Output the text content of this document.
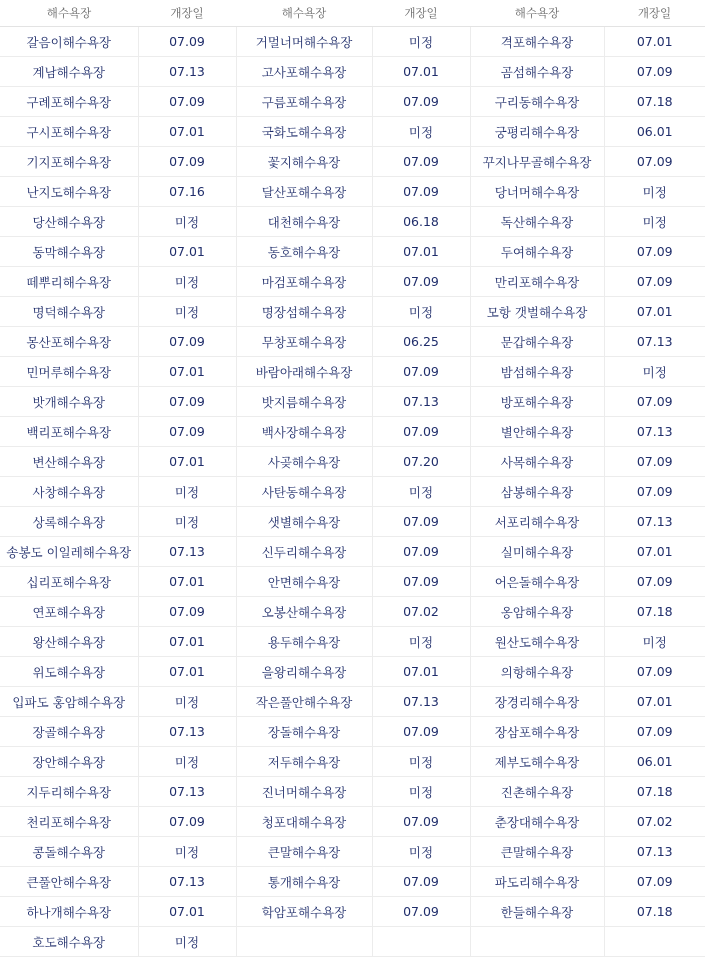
해수욕장	개장일	해수욕장	개장일	해수욕장	개장일
갈음이해수욕장	07.09	거멀너머해수욕장	미정	격포해수욕장	07.01
계남해수욕장	07.13	고사포해수욕장	07.01	곰섬해수욕장	07.09
구례포해수욕장	07.09	구름포해수욕장	07.09	구리동해수욕장	07.18
구시포해수욕장	07.01	국화도해수욕장	미정	궁평리해수욕장	06.01
기지포해수욕장	07.09	꽃지해수욕장	07.09	꾸지나무골해수욕장	07.09
난지도해수욕장	07.16	달산포해수욕장	07.09	당너머해수욕장	미정
당산해수욕장	미정	대천해수욕장	06.18	독산해수욕장	미정
동막해수욕장	07.01	동호해수욕장	07.01	두여해수욕장	07.09
떼뿌리해수욕장	미정	마검포해수욕장	07.09	만리포해수욕장	07.09
명덕해수욕장	미정	명장섬해수욕장	미정	모항 갯벌해수욕장	07.01
몽산포해수욕장	07.09	무창포해수욕장	06.25	문갑해수욕장	07.13
민머루해수욕장	07.01	바람아래해수욕장	07.09	밤섬해수욕장	미정
밧개해수욕장	07.09	밧지름해수욕장	07.13	방포해수욕장	07.09
백리포해수욕장	07.09	백사장해수욕장	07.09	별안해수욕장	07.13
변산해수욕장	07.01	사곶해수욕장	07.20	사목해수욕장	07.09
사창해수욕장	미정	사탄동해수욕장	미정	삼봉해수욕장	07.09
상록해수욕장	미정	샛별해수욕장	07.09	서포리해수욕장	07.13
송봉도 이일레해수욕장	07.13	신두리해수욕장	07.09	실미해수욕장	07.01
십리포해수욕장	07.01	안면해수욕장	07.09	어은돌해수욕장	07.09
연포해수욕장	07.09	오봉산해수욕장	07.02	옹암해수욕장	07.18
왕산해수욕장	07.01	용두해수욕장	미정	원산도해수욕장	미정
위도해수욕장	07.01	을왕리해수욕장	07.01	의항해수욕장	07.09
입파도 홍암해수욕장	미정	작은풀안해수욕장	07.13	장경리해수욕장	07.01
장골해수욕장	07.13	장돌해수욕장	07.09	장삼포해수욕장	07.09
장안해수욕장	미정	저두해수욕장	미정	제부도해수욕장	06.01
지두리해수욕장	07.13	진너머해수욕장	미정	진촌해수욕장	07.18
천리포해수욕장	07.09	청포대해수욕장	07.09	춘장대해수욕장	07.02
콩돌해수욕장	미정	큰말해수욕장	미정	큰말해수욕장	07.13
큰풀안해수욕장	07.13	통개해수욕장	07.09	파도리해수욕장	07.09
하나개해수욕장	07.01	학암포해수욕장	07.09	한들해수욕장	07.18
호도해수욕장	미정				
